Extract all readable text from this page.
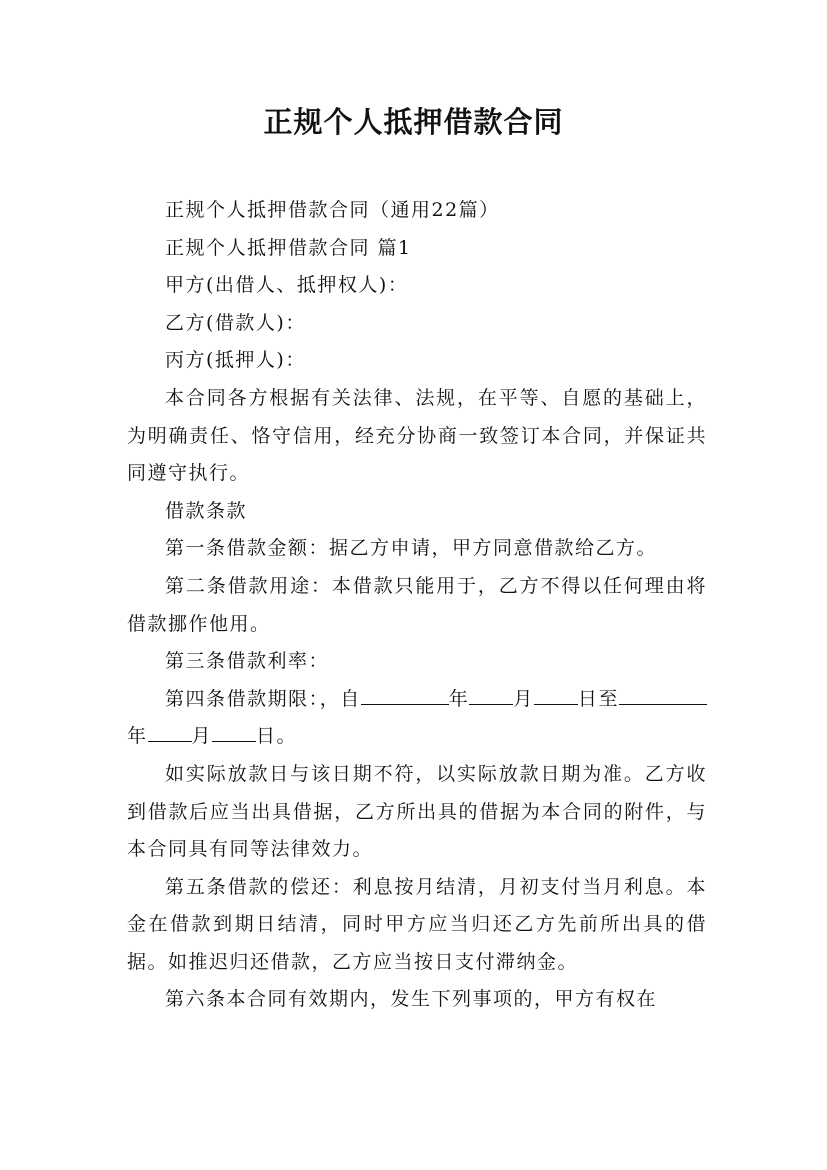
正规个人抵押借款合同

正规个人抵押借款合同（通用22篇）

正规个人抵押借款合同 篇1

甲方(出借人、抵押权人)：

乙方(借款人)：

丙方(抵押人)：

本合同各方根据有关法律、法规，在平等、自愿的基础上，为明确责任、恪守信用，经充分协商一致签订本合同，并保证共同遵守执行。

借款条款

第一条借款金额：据乙方申请，甲方同意借款给乙方。

第二条借款用途：本借款只能用于，乙方不得以任何理由将借款挪作他用。

第三条借款利率：

第四条借款期限：，自	年 月 日至年 月 日。

如实际放款日与该日期不符，以实际放款日期为准。乙方收到借款后应当出具借据，乙方所出具的借据为本合同的附件，与本合同具有同等法律效力。

第五条借款的偿还：利息按月结清，月初支付当月利息。本金在借款到期日结清，同时甲方应当归还乙方先前所出具的借据。如推迟归还借款，乙方应当按日支付滞纳金。

第六条本合同有效期内，发生下列事项的，甲方有权在
